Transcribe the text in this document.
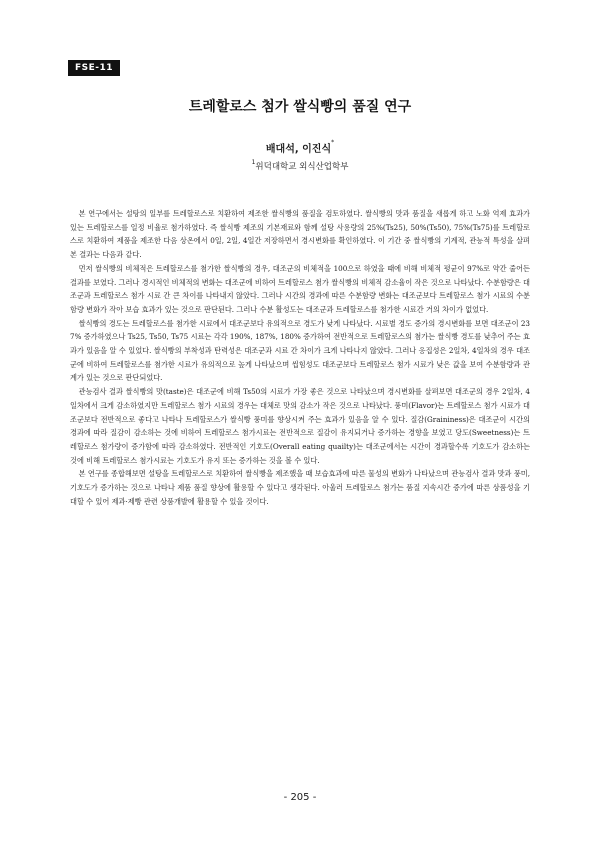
FSE-11
트레할로스 첨가 쌀식빵의 품질 연구
배대석, 이진식*
$^1$위덕대학교 외식산업학부

본 연구에서는 설탕의 일부를 트레할로스로 치환하여 제조한 쌀식빵의 품질을 검토하였다. 쌀식빵의 맛과 품질을 새롭게 하고 노화 억제 효과가 있는 트레할로스를 일정 비율로 첨가하였다. 즉 쌀식빵 제조의 기본재료와 함께 설탕 사용량의 25%(Ts25), 50%(Ts50), 75%(Ts75)를 트레할로스로 치환하여 제품을 제조한 다음 상온에서 0일, 2일, 4일간 저장하면서 경시변화를 확인하였다. 이 기간 중 쌀식빵의 기계적, 관능적 특성을 살펴본 결과는 다음과 같다.

먼저 쌀식빵의 비체적은 트레할로스를 첨가한 쌀식빵의 경우, 대조군의 비체적을 100으로 하였을 때에 비해 비체적 평균이 97%로 약간 줄어든 결과를 보였다. 그러나 경시적인 비체적의 변화는 대조군에 비하여 트레할로스 첨가 쌀식빵의 비체적 감소율이 작은 것으로 나타났다. 수분함량은 대조군과 트레할로스 첨가 시료 간 큰 차이를 나타내지 않았다. 그러나 시간의 경과에 따른 수분함량 변화는 대조군보다 트레할로스 첨가 시료의 수분함량 변화가 작아 보습 효과가 있는 것으로 판단된다. 그러나 수분 활성도는 대조군과 트레할로스를 첨가한 시료간 거의 차이가 없었다.

쌀식빵의 경도는 트레할로스를 첨가한 시료에서 대조군보다 유의적으로 경도가 낮게 나타났다. 시료별 경도 증가의 경시변화를 보면 대조군이 237% 증가하였으나 Ts25, Ts50, Ts75 시료는 각각 190%, 187%, 180% 증가하여 전반적으로 트레할로스의 첨가는 쌀식빵 경도를 낮추어 주는 효과가 있음을 알 수 있었다. 쌀식빵의 부착성과 탄력성은 대조군과 시료 간 차이가 크게 나타나지 않았다. 그러나 응집성은 2일차, 4일차의 경우 대조군에 비하여 트레할로스를 첨가한 시료가 유의적으로 높게 나타났으며 씹힘성도 대조군보다 트레할로스 첨가 시료가 낮은 값을 보여 수분함량과 관계가 있는 것으로 판단되었다.

관능검사 결과 쌀식빵의 맛(taste)은 대조군에 비해 Ts50의 시료가 가장 좋은 것으로 나타났으며 경시변화를 살펴보면 대조군의 경우 2일차, 4일차에서 크게 감소하였지만 트레할로스 첨가 시료의 경우는 대체로 맛의 감소가 작은 것으로 나타났다. 풍미(Flavor)는 트레할로스 첨가 시료가 대조군보다 전반적으로 좋다고 나타나 트레할로스가 쌀식빵 풍미를 향상시켜 주는 효과가 있음을 알 수 있다. 질감(Graininess)은 대조군이 시간의 경과에 따라 질감이 감소하는 것에 비하여 트레할로스 첨가시료는 전반적으로 질감이 유지되거나 증가하는 경향을 보였고 당도(Sweetness)는 트레할로스 첨가량이 증가함에 따라 감소하였다. 전반적인 기호도(Overall eating quailty)는 대조군에서는 시간이 경과할수록 기호도가 감소하는 것에 비해 트레할로스 첨가시료는 기호도가 유지 또는 증가하는 것을 볼 수 있다.

본 연구를 종합해보면 설탕을 트레할로스로 치환하여 쌀식빵을 제조했을 때 보습효과에 따른 물성의 변화가 나타났으며 관능검사 결과 맛과 풍미, 기호도가 증가하는 것으로 나타나 제품 품질 향상에 활용할 수 있다고 생각된다. 아울러 트레할로스 첨가는 품질 지속시간 증가에 따른 상품성을 기대할 수 있어 제과·제빵 관련 상품개발에 활용할 수 있을 것이다.

- 205 -
